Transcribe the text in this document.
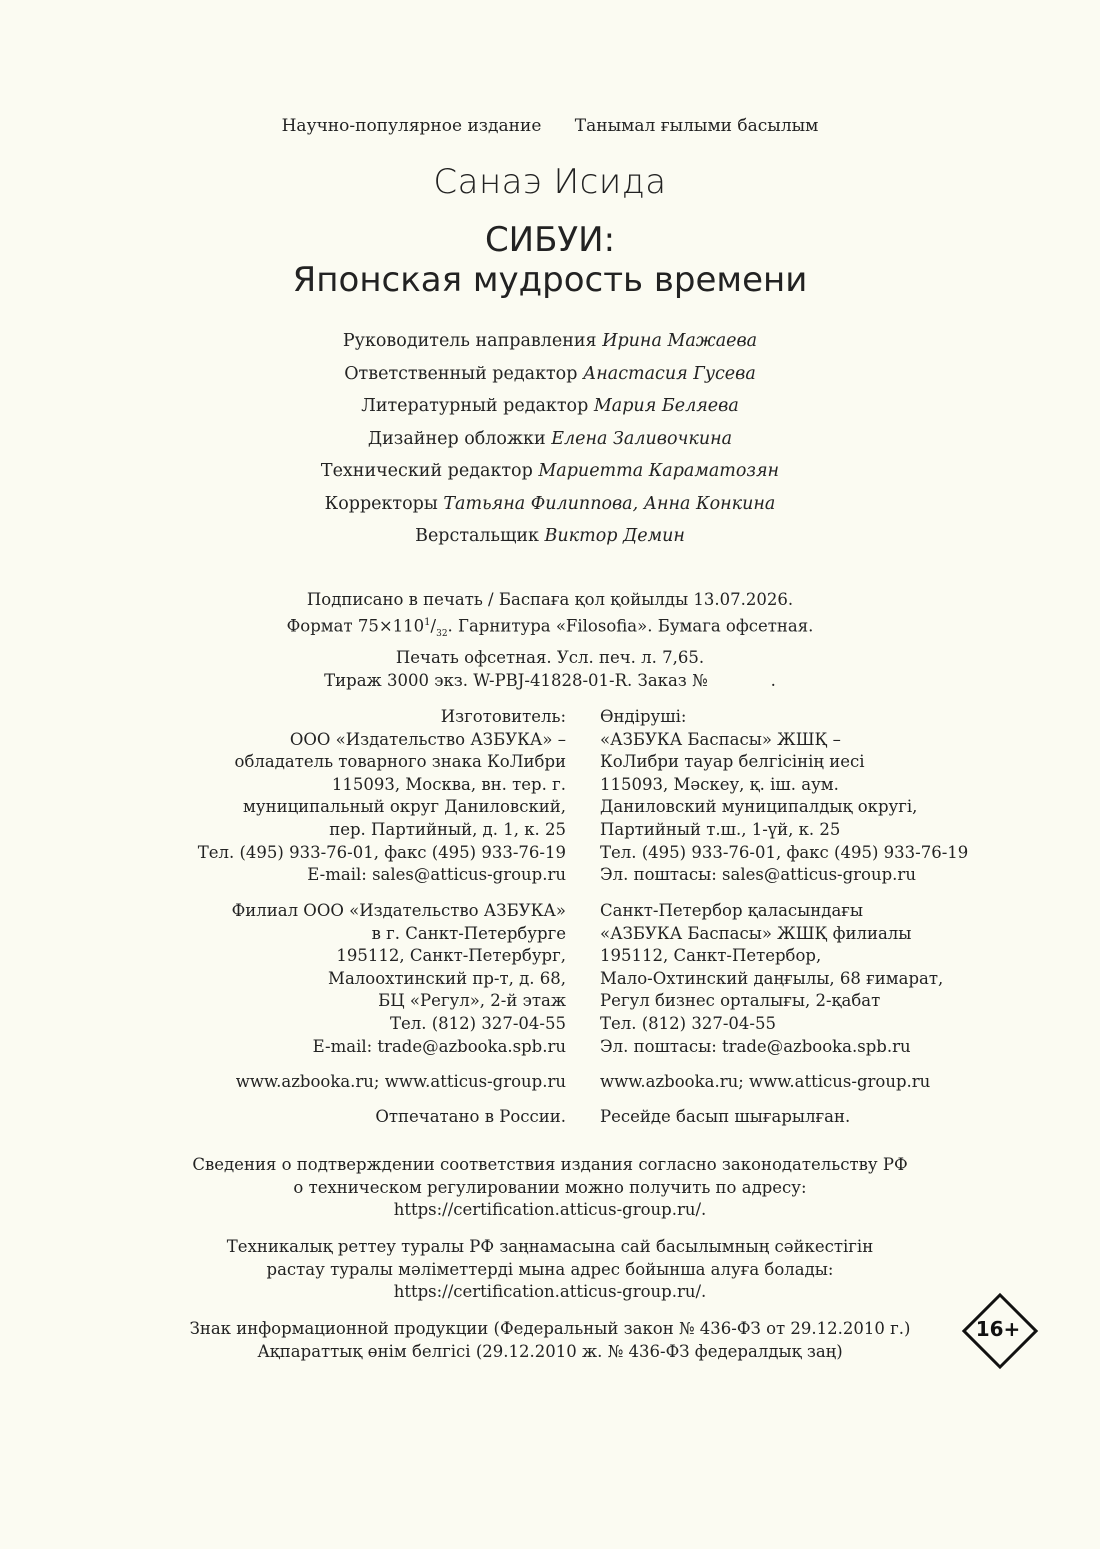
Научно-популярное издание Танымал ғылыми басылым
Санаэ Исида
СИБУИ:
Японская мудрость времени
Руководитель направления Ирина Мажаева
Ответственный редактор Анастасия Гусева
Литературный редактор Мария Беляева
Дизайнер обложки Елена Заливочкина
Технический редактор Мариетта Караматозян
Корректоры Татьяна Филиппова, Анна Конкина
Верстальщик Виктор Демин
Подписано в печать / Баспаға қол қойылды 13.07.2026.
Формат $75\times 110^1/_{32}$. Гарнитура «Filosofia». Бумага офсетная.
Печать офсетная. Усл. печ. л. 7,65.
Тираж 3000 экз. W-PBJ-41828-01-R. Заказ №            .
Изготовитель:
ООО «Издательство АЗБУКА» –
обладатель товарного знака КоЛибри
115093, Москва, вн. тер. г.
муниципальный округ Даниловский,
пер. Партийный, д. 1, к. 25
Тел. (495) 933-76-01, факс (495) 933-76-19
E-mail: sales@atticus-group.ru
Өндіруші:
«АЗБУКА Баспасы» ЖШҚ –
КоЛибри тауар белгісінің иесі
115093, Мәскеу, қ. іш. аум.
Даниловский муниципалдық округі,
Партийный т.ш., 1-үй, к. 25
Тел. (495) 933-76-01, факс (495) 933-76-19
Эл. поштасы: sales@atticus-group.ru
Филиал ООО «Издательство АЗБУКА»
в г. Санкт-Петербурге
195112, Санкт-Петербург,
Малоохтинский пр-т, д. 68,
БЦ «Регул», 2-й этаж
Тел. (812) 327-04-55
E-mail: trade@azbooka.spb.ru
Санкт-Петербор қаласындағы
«АЗБУКА Баспасы» ЖШҚ филиалы
195112, Санкт-Петербор,
Мало-Охтинский даңғылы, 68 ғимарат,
Регул бизнес орталығы, 2-қабат
Тел. (812) 327-04-55
Эл. поштасы: trade@azbooka.spb.ru
www.azbooka.ru; www.atticus-group.ru www.azbooka.ru; www.atticus-group.ru
Отпечатано в России. Ресейде басып шығарылған.
Сведения о подтверждении соответствия издания согласно законодательству РФ
о техническом регулировании можно получить по адресу:
https://certification.atticus-group.ru/.
Техникалық реттеу туралы РФ заңнамасына сай басылымның сәйкестігін
растау туралы мәліметтерді мына адрес бойынша алуға болады:
https://certification.atticus-group.ru/.
Знак информационной продукции (Федеральный закон № 436-ФЗ от 29.12.2010 г.)
Ақпараттық өнім белгісі (29.12.2010 ж. № 436-ФЗ федералдық заң)
16+
